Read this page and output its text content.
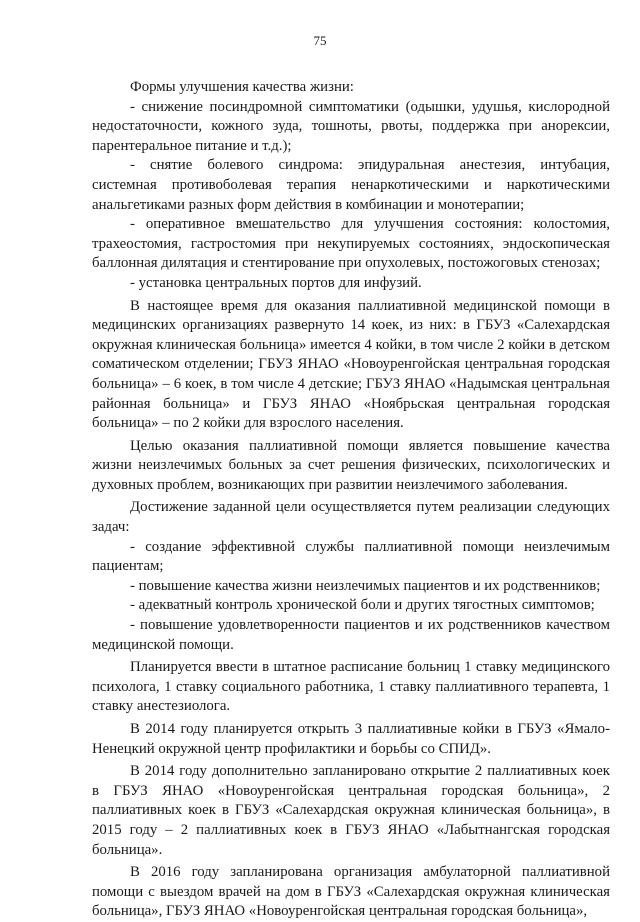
75

Формы улучшения качества жизни:

- снижение посиндромной симптоматики (одышки, удушья, кислородной недостаточности, кожного зуда, тошноты, рвоты, поддержка при анорексии, парентеральное питание и т.д.);

- снятие болевого синдрома: эпидуральная анестезия, интубация, системная противоболевая терапия ненаркотическими и наркотическими анальгетиками разных форм действия в комбинации и монотерапии;

- оперативное вмешательство для улучшения состояния: колостомия, трахеостомия, гастростомия при некупируемых состояниях, эндоскопическая баллонная дилятация и стентирование при опухолевых, постожоговых стенозах;

- установка центральных портов для инфузий.

В настоящее время для оказания паллиативной медицинской помощи в медицинских организациях развернуто 14 коек, из них: в ГБУЗ «Салехардская окружная клиническая больница» имеется 4 койки, в том числе 2 койки в детском соматическом отделении; ГБУЗ ЯНАО «Новоуренгойская центральная городская больница» – 6 коек, в том числе 4 детские; ГБУЗ ЯНАО «Надымская центральная районная больница» и ГБУЗ ЯНАО «Ноябрьская центральная городская больница» – по 2 койки для взрослого населения.

Целью оказания паллиативной помощи является повышение качества жизни неизлечимых больных за счет решения физических, психологических и духовных проблем, возникающих при развитии неизлечимого заболевания.

Достижение заданной цели осуществляется путем реализации следующих задач:

- создание эффективной службы паллиативной помощи неизлечимым пациентам;

- повышение качества жизни неизлечимых пациентов и их родственников;

- адекватный контроль хронической боли и других тягостных симптомов;

- повышение удовлетворенности пациентов и их родственников качеством медицинской помощи.

Планируется ввести в штатное расписание больниц 1 ставку медицинского психолога, 1 ставку социального работника, 1 ставку паллиативного терапевта, 1 ставку анестезиолога.

В 2014 году планируется открыть 3 паллиативные койки в ГБУЗ «Ямало-Ненецкий окружной центр профилактики и борьбы со СПИД».

В 2014 году дополнительно запланировано открытие 2 паллиативных коек в ГБУЗ ЯНАО «Новоуренгойская центральная городская больница», 2 паллиативных коек в ГБУЗ «Салехардская окружная клиническая больница», в 2015 году – 2 паллиативных коек в ГБУЗ ЯНАО «Лабытнангская городская больница».

В 2016 году запланирована организация амбулаторной паллиативной помощи с выездом врачей на дом в ГБУЗ «Салехардская окружная клиническая больница», ГБУЗ ЯНАО «Новоуренгойская центральная городская больница»,
